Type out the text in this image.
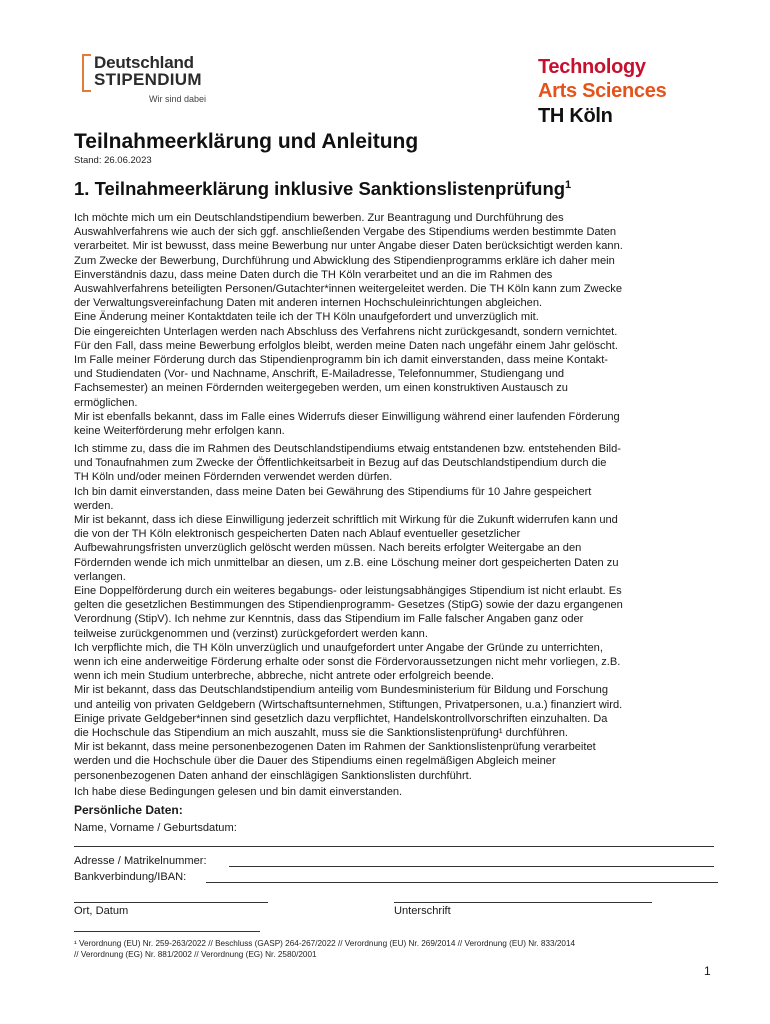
Deutschland
STIPENDIUM
Wir sind dabei
Technology
Arts Sciences
TH Köln
Teilnahmeerklärung und Anleitung
Stand: 26.06.2023
1. Teilnahmeerklärung inklusive Sanktionslistenprüfung$^1$
Ich möchte mich um ein Deutschlandstipendium bewerben. Zur Beantragung und Durchführung des
Auswahlverfahrens wie auch der sich ggf. anschließenden Vergabe des Stipendiums werden bestimmte Daten
verarbeitet. Mir ist bewusst, dass meine Bewerbung nur unter Angabe dieser Daten berücksichtigt werden kann.
Zum Zwecke der Bewerbung, Durchführung und Abwicklung des Stipendienprogramms erkläre ich daher mein
Einverständnis dazu, dass meine Daten durch die TH Köln verarbeitet und an die im Rahmen des
Auswahlverfahrens beteiligten Personen/Gutachter*innen weitergeleitet werden. Die TH Köln kann zum Zwecke
der Verwaltungsvereinfachung Daten mit anderen internen Hochschuleinrichtungen abgleichen.
Eine Änderung meiner Kontaktdaten teile ich der TH Köln unaufgefordert und unverzüglich mit.
Die eingereichten Unterlagen werden nach Abschluss des Verfahrens nicht zurückgesandt, sondern vernichtet.
Für den Fall, dass meine Bewerbung erfolglos bleibt, werden meine Daten nach ungefähr einem Jahr gelöscht.
Im Falle meiner Förderung durch das Stipendienprogramm bin ich damit einverstanden, dass meine Kontakt-
und Studiendaten (Vor- und Nachname, Anschrift, E-Mailadresse, Telefonnummer, Studiengang und
Fachsemester) an meinen Fördernden weitergegeben werden, um einen konstruktiven Austausch zu
ermöglichen.
Mir ist ebenfalls bekannt, dass im Falle eines Widerrufs dieser Einwilligung während einer laufenden Förderung
keine Weiterförderung mehr erfolgen kann.
Ich stimme zu, dass die im Rahmen des Deutschlandstipendiums etwaig entstandenen bzw. entstehenden Bild-
und Tonaufnahmen zum Zwecke der Öffentlichkeitsarbeit in Bezug auf das Deutschlandstipendium durch die
TH Köln und/oder meinen Fördernden verwendet werden dürfen.
Ich bin damit einverstanden, dass meine Daten bei Gewährung des Stipendiums für 10 Jahre gespeichert
werden.
Mir ist bekannt, dass ich diese Einwilligung jederzeit schriftlich mit Wirkung für die Zukunft widerrufen kann und
die von der TH Köln elektronisch gespeicherten Daten nach Ablauf eventueller gesetzlicher
Aufbewahrungsfristen unverzüglich gelöscht werden müssen. Nach bereits erfolgter Weitergabe an den
Fördernden wende ich mich unmittelbar an diesen, um z.B. eine Löschung meiner dort gespeicherten Daten zu
verlangen.
Eine Doppelförderung durch ein weiteres begabungs- oder leistungsabhängiges Stipendium ist nicht erlaubt. Es
gelten die gesetzlichen Bestimmungen des Stipendienprogramm- Gesetzes (StipG) sowie der dazu ergangenen
Verordnung (StipV). Ich nehme zur Kenntnis, dass das Stipendium im Falle falscher Angaben ganz oder
teilweise zurückgenommen und (verzinst) zurückgefordert werden kann.
Ich verpflichte mich, die TH Köln unverzüglich und unaufgefordert unter Angabe der Gründe zu unterrichten,
wenn ich eine anderweitige Förderung erhalte oder sonst die Fördervoraussetzungen nicht mehr vorliegen, z.B.
wenn ich mein Studium unterbreche, abbreche, nicht antrete oder erfolgreich beende.
Mir ist bekannt, dass das Deutschlandstipendium anteilig vom Bundesministerium für Bildung und Forschung
und anteilig von privaten Geldgebern (Wirtschaftsunternehmen, Stiftungen, Privatpersonen, u.a.) finanziert wird.
Einige private Geldgeber*innen sind gesetzlich dazu verpflichtet, Handelskontrollvorschriften einzuhalten. Da
die Hochschule das Stipendium an mich auszahlt, muss sie die Sanktionslistenprüfung¹ durchführen.
Mir ist bekannt, dass meine personenbezogenen Daten im Rahmen der Sanktionslistenprüfung verarbeitet
werden und die Hochschule über die Dauer des Stipendiums einen regelmäßigen Abgleich meiner
personenbezogenen Daten anhand der einschlägigen Sanktionslisten durchführt.
Ich habe diese Bedingungen gelesen und bin damit einverstanden.
Persönliche Daten:
Name, Vorname / Geburtsdatum:
Adresse / Matrikelnummer:
Bankverbindung/IBAN:
Ort, Datum	Unterschrift
¹ Verordnung (EU) Nr. 259-263/2022 // Beschluss (GASP) 264-267/2022 // Verordnung (EU) Nr. 269/2014 // Verordnung (EU) Nr. 833/2014
// Verordnung (EG) Nr. 881/2002 // Verordnung (EG) Nr. 2580/2001
1
